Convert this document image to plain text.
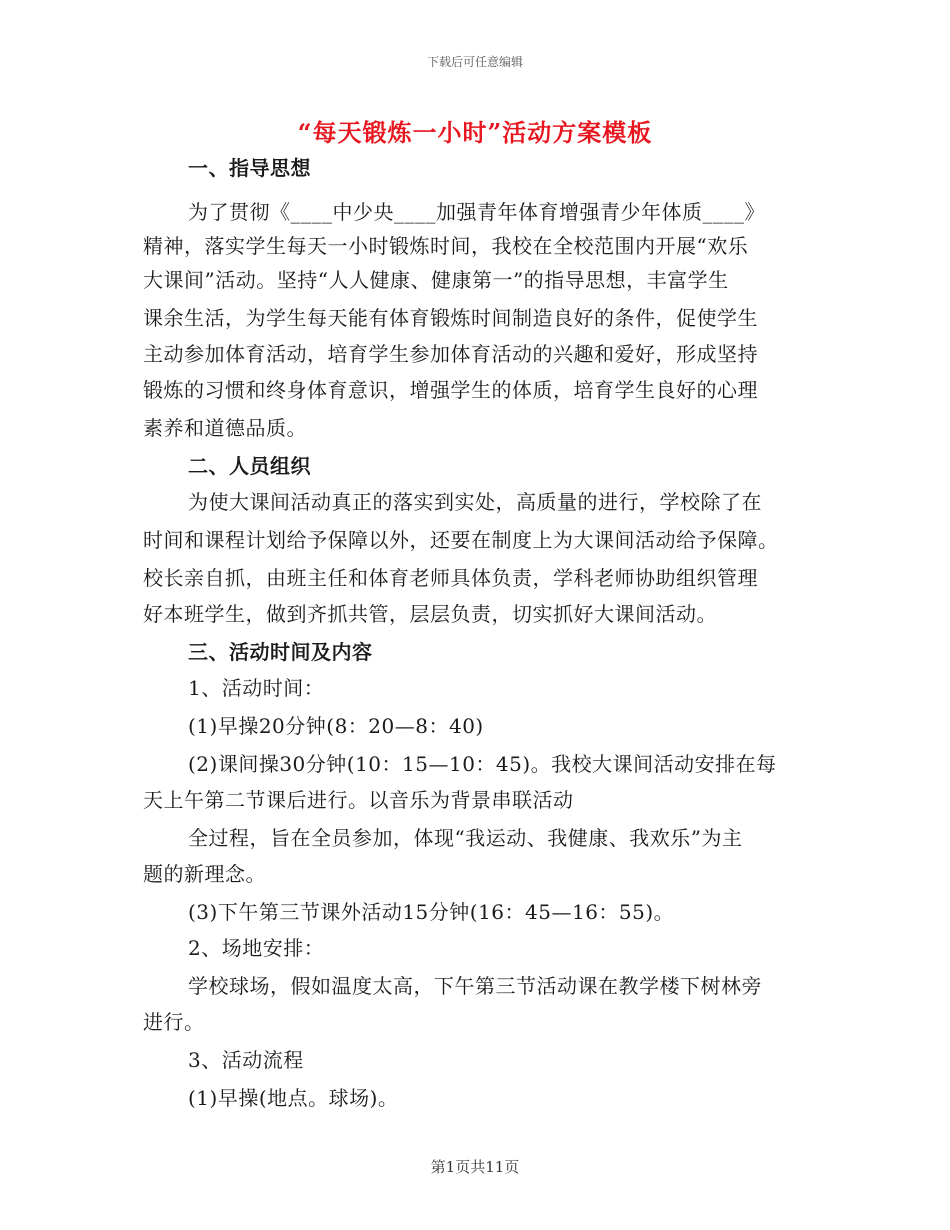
下载后可任意编辑
“每天锻炼一小时”活动方案模板
一、指导思想
为了贯彻《____中少央____加强青年体育增强青少年体质____》
精神，落实学生每天一小时锻炼时间，我校在全校范围内开展“欢乐
大课间”活动。坚持“人人健康、健康第一”的指导思想，丰富学生
课余生活，为学生每天能有体育锻炼时间制造良好的条件，促使学生
主动参加体育活动，培育学生参加体育活动的兴趣和爱好，形成坚持
锻炼的习惯和终身体育意识，增强学生的体质，培育学生良好的心理
素养和道德品质。
二、人员组织
为使大课间活动真正的落实到实处，高质量的进行，学校除了在
时间和课程计划给予保障以外，还要在制度上为大课间活动给予保障。
校长亲自抓，由班主任和体育老师具体负责，学科老师协助组织管理
好本班学生，做到齐抓共管，层层负责，切实抓好大课间活动。
三、活动时间及内容
1、活动时间：
(1)早操20分钟(8：20—8：40)
(2)课间操30分钟(10：15—10：45)。我校大课间活动安排在每
天上午第二节课后进行。以音乐为背景串联活动
全过程，旨在全员参加，体现“我运动、我健康、我欢乐”为主
题的新理念。
(3)下午第三节课外活动15分钟(16：45—16：55)。
2、场地安排：
学校球场，假如温度太高，下午第三节活动课在教学楼下树林旁
进行。
3、活动流程
(1)早操(地点。球场)。
第1页共11页
